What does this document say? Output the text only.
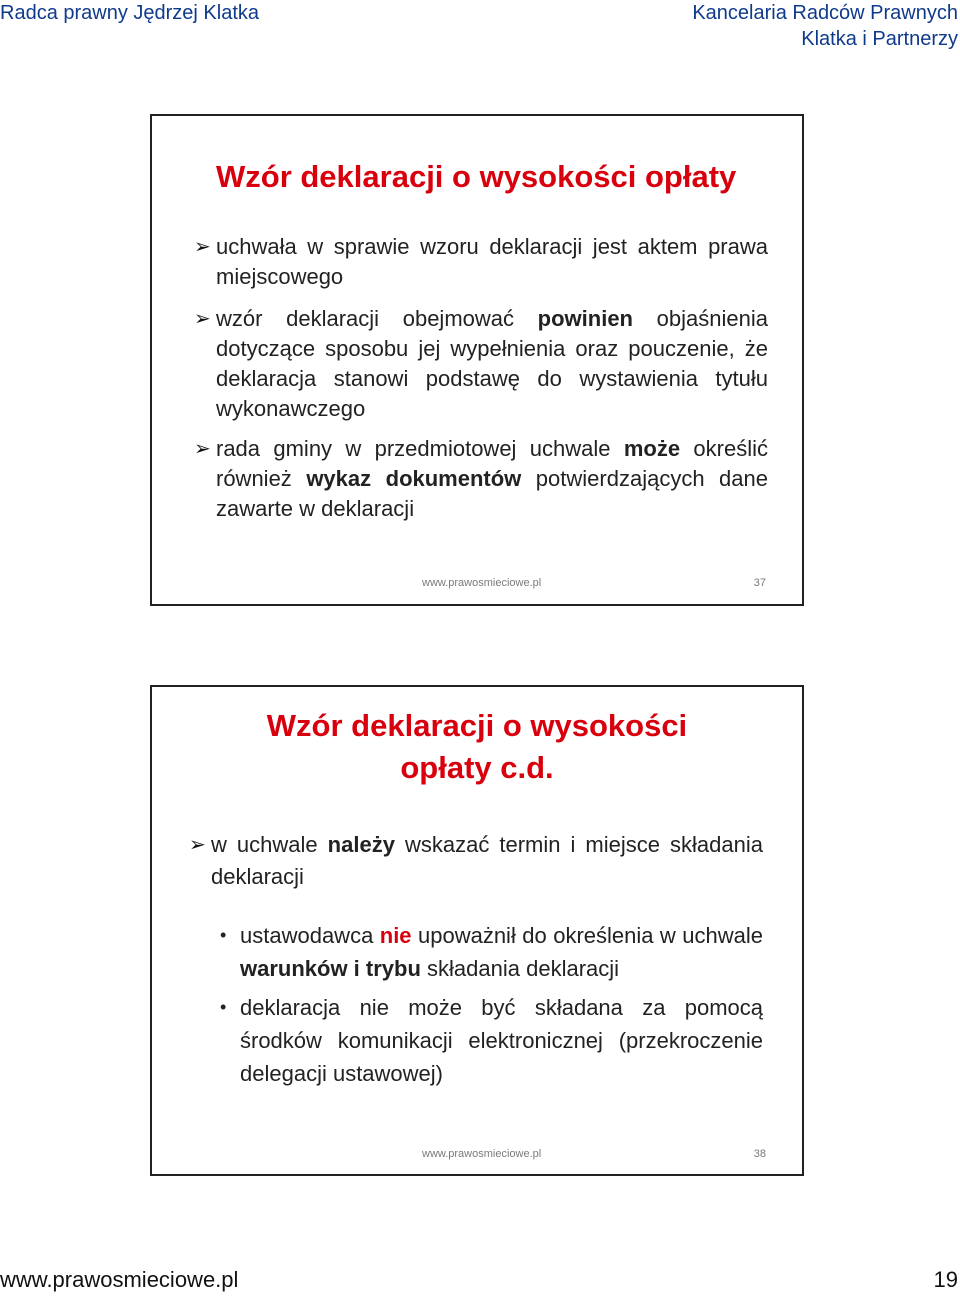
Radca prawny Jędrzej Klatka	Kancelaria Radców Prawnych
Klatka i Partnerzy
Wzór deklaracji o wysokości opłaty
➢ uchwała w sprawie wzoru deklaracji jest aktem prawa miejscowego
➢ wzór deklaracji obejmować powinien objaśnienia dotyczące sposobu jej wypełnienia oraz pouczenie, że deklaracja stanowi podstawę do wystawienia tytułu wykonawczego
➢ rada gminy w przedmiotowej uchwale może określić również wykaz dokumentów potwierdzających dane zawarte w deklaracji
www.prawosmieciowe.pl	37
Wzór deklaracji o wysokości
opłaty c.d.
➢ w uchwale należy wskazać termin i miejsce składania deklaracji
• ustawodawca nie upoważnił do określenia w uchwale warunków i trybu składania deklaracji
• deklaracja nie może być składana za pomocą środków komunikacji elektronicznej (przekroczenie delegacji ustawowej)
www.prawosmieciowe.pl	38
www.prawosmieciowe.pl	19
